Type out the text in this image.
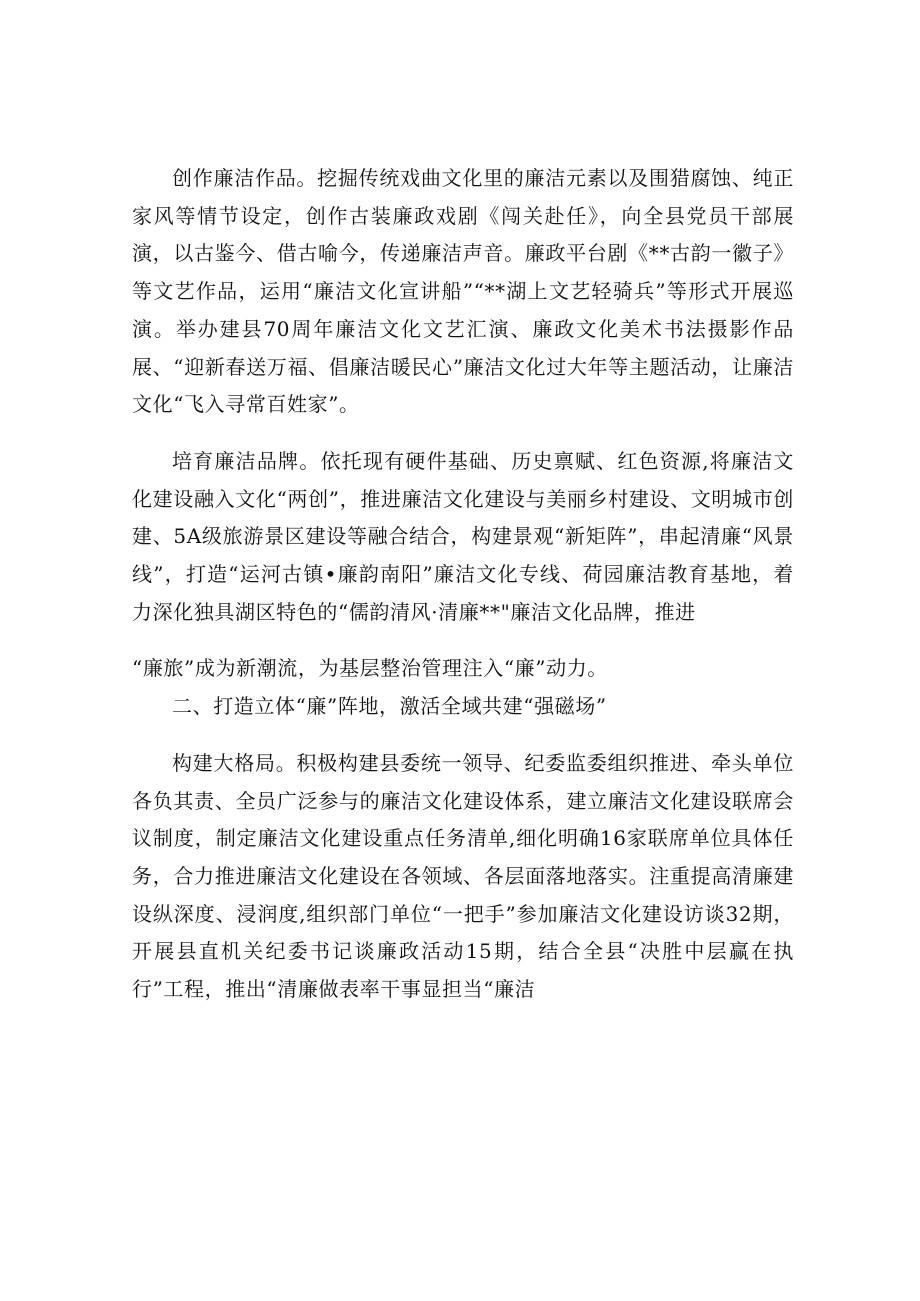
创作廉洁作品。挖掘传统戏曲文化里的廉洁元素以及围猎腐蚀、纯正家风等情节设定，创作古装廉政戏剧《闯关赴任》，向全县党员干部展演，以古鉴今、借古喻今，传递廉洁声音。廉政平台剧《**古韵一徽子》等文艺作品，运用“廉洁文化宣讲船”“**湖上文艺轻骑兵”等形式开展巡演。举办建县70周年廉洁文化文艺汇演、廉政文化美术书法摄影作品展、“迎新春送万福、倡廉洁暖民心”廉洁文化过大年等主题活动，让廉洁文化“飞入寻常百姓家”。

培育廉洁品牌。依托现有硬件基础、历史禀赋、红色资源,将廉洁文化建设融入文化“两创”，推进廉洁文化建设与美丽乡村建设、文明城市创建、5A级旅游景区建设等融合结合，构建景观“新矩阵”，串起清廉“风景线”，打造“运河古镇•廉韵南阳”廉洁文化专线、荷园廉洁教育基地，着力深化独具湖区特色的“儒韵清风·清廉**"廉洁文化品牌，推进

“廉旅”成为新潮流，为基层整治管理注入“廉”动力。

二、打造立体“廉”阵地，激活全域共建“强磁场”

构建大格局。积极构建县委统一领导、纪委监委组织推进、牵头单位各负其责、全员广泛参与的廉洁文化建设体系，建立廉洁文化建设联席会议制度，制定廉洁文化建设重点任务清单,细化明确16家联席单位具体任务，合力推进廉洁文化建设在各领域、各层面落地落实。注重提高清廉建设纵深度、浸润度,组织部门单位“一把手”参加廉洁文化建设访谈32期，开展县直机关纪委书记谈廉政活动15期，结合全县“决胜中层赢在执行”工程，推出“清廉做表率干事显担当“廉洁
